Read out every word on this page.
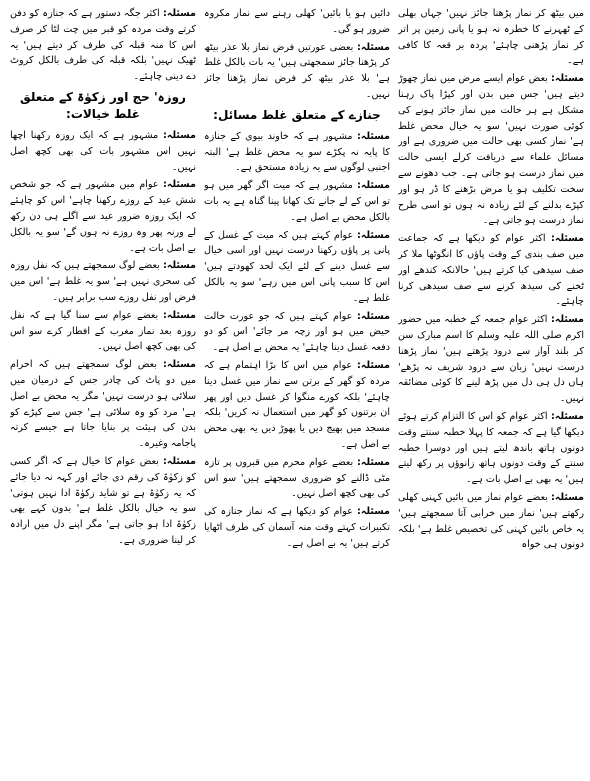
میں بیٹھ کر نماز پڑھنا جائز نہیں' جہاں بھلی کے ٹھہرنے کا خطرہ نہ ہو یا پانی زمین پر اتر کر نماز پڑھنی چاہئے' پردہ بر قعہ کا کافی ہے۔

مسئلہ: بعض عوام ایسے مرض میں نماز چھوڑ دیتے ہیں' جس میں بدن اور کپڑا پاک رہنا مشکل ہے ہر حالت میں نماز جائز ہونے کی کوئی صورت نہیں' سو یہ خیال محض غلط ہے' نماز کسی بھی حالت میں ضروری ہے اور مسائل علماء سے دریافت کرلے ایسی حالت میں نماز درست ہو جاتی ہے۔ جب دھونے سے سخت تکلیف ہو یا مرض بڑھنے کا ڈر ہو اور کپڑے بدلنے کے لئے زیادہ نہ ہوں تو اسی طرح نماز درست ہو جاتی ہے۔

مسئلہ: اکثر عوام کو دیکھا ہے کہ جماعت میں صف بندی کے وقت پاؤں کا انگوٹھا ملا کر صف سیدھی کیا کرتے ہیں' حالانکہ کندھے اور ٹخنے کی سیدھ کرنے سے صف سیدھی کرنا چاہئے۔

مسئلہ: اکثر عوام جمعہ کے خطبہ میں حضور اکرم صلی اللہ علیہ وسلم کا اسم مبارک سن کر بلند آواز سے درود پڑھتے ہیں' نماز پڑھنا درست نہیں' زبان سے درود شریف نہ پڑھے' ہاں دل ہی دل میں پڑھ لینے کا کوئی مضائقہ نہیں۔

مسئلہ: اکثر عوام کو اس کا التزام کرتے ہوئے دیکھا گیا ہے کہ جمعہ کا پہلا خطبہ سنتے وقت دونوں ہاتھ باندھ لیتے ہیں اور دوسرا خطبہ سنتے کے وقت دونوں ہاتھ زانوؤں پر رکھ لیتے ہیں' یہ بھی بے اصل بات ہے۔

مسئلہ: بعضے عوام نماز میں بائیں کہنی کھلی رکھتے ہیں' نماز میں خرابی آتا سمجھتے ہیں' یہ خاص بائیں کہنی کی تخصیص غلط ہے' بلکہ دونوں ہی خواہ

دائیں ہو یا بائیں' کھلی رہنے سے نماز مکروہ ضرور ہو گی۔

مسئلہ: بعضی عورتیں فرض نماز بلا عذر بیٹھ کر پڑھنا جائز سمجھتی ہیں' یہ بات بالکل غلط ہے' بلا عذر بیٹھ کر فرض نماز پڑھنا جائز نہیں۔

جنازے کے متعلق غلط مسائل:

مسئلہ: مشہور ہے کہ خاوند بیوی کے جنازہ کا پایہ نہ پکڑے سو یہ محض غلط ہے' البتہ اجنبی لوگوں سے یہ زیادہ مستحق ہے۔

مسئلہ: مشہور ہے کہ میت اگر گھر میں ہو تو اس کے لے جانے تک کھانا پینا گناہ ہے یہ بات بالکل محض بے اصل ہے۔

مسئلہ: عوام کہتے ہیں کہ میت کے غسل کے پانی پر پاؤں رکھنا درست نہیں اور اسی خیال سے غسل دینے کے لئے ایک لحد کھودتے ہیں' اس کا سبب پانی اس میں رہے' سو یہ بالکل غلط ہے۔

مسئلہ: عوام کہتے ہیں کہ جو عورت حالت حیض میں ہو اور زچہ مر جائے' اس کو دو دفعہ غسل دینا چاہئے' یہ محض بے اصل ہے۔

مسئلہ: عوام میں اس کا بڑا اہتمام ہے کہ مردہ کو گھر کے برتن سے نماز میں غسل دینا چاہئے' بلکہ کورے منگوا کر غسل دیں اور پھر ان برتنوں کو گھر میں استعمال نہ کریں' بلکہ مسجد میں بھیج دیں یا پھوڑ دیں یہ بھی محض بے اصل ہے۔

مسئلہ: بعضے عوام محرم میں قبروں پر تازہ مٹی ڈالنے کو ضروری سمجھتے ہیں' سو اس کی بھی کچھ اصل نہیں۔

مسئلہ: عوام کو دیکھا ہے کہ نماز جنازہ کی تکبیرات کہتے وقت منہ آسمان کی طرف اٹھایا کرتے ہیں' یہ بے اصل ہے۔

مسئلہ: اکثر جگہ دستور ہے کہ جنازہ کو دفن کرتے وقت مردہ کو قبر میں چت لٹا کر صرف اس کا منہ قبلہ کی طرف کر دیتے ہیں' یہ ٹھیک نہیں' بلکہ قبلہ کی طرف بالکل کروٹ دے دینی چاہئے۔

روزہ' حج اور زکوٰۃ کے متعلق غلط خیالات:

مسئلہ: مشہور ہے کہ ایک روزہ رکھنا اچھا نہیں اس مشہور بات کی بھی کچھ اصل نہیں۔

مسئلہ: عوام میں مشہور ہے کہ جو شخص شش عید کے روزے رکھنا چاہے' اس کو چاہئے کہ ایک روزہ ضرور عید سے اگلے ہی دن رکھ لے ورنہ پھر وہ روزے نہ ہوں گے' سو یہ بالکل بے اصل بات ہے۔

مسئلہ: بعضے لوگ سمجھتے ہیں کہ نفل روزہ کی سحری نہیں ہے' سو یہ غلط ہے' اس میں فرض اور نفل روزے سب برابر ہیں۔

مسئلہ: بعضے عوام سے سنا گیا ہے کہ نفل روزہ بعد نماز مغرب کے افطار کرے سو اس کی بھی کچھ اصل نہیں۔

مسئلہ: بعض لوگ سمجھتے ہیں کہ احرام میں دو پاٹ کی چادر جس کے درمیان میں سلائی ہو درست نہیں' مگر یہ محض بے اصل ہے' مرد کو وہ سلائی ہے' جس سے کپڑے کو بدن کی ہیئت پر بنایا جاتا ہے جیسے کرتہ پاجامہ وغیرہ۔

مسئلہ: بعض عوام کا خیال ہے کہ اگر کسی کو زکوٰۃ کی رقم دی جائے اور کہہ نہ دیا جائے کہ یہ زکوٰۃ ہے تو شاید زکوٰۃ ادا نہیں ہوتی' سو یہ خیال بالکل غلط ہے' بدون کہے بھی زکوٰۃ ادا ہو جاتی ہے' مگر اپنے دل میں ارادہ کر لینا ضروری ہے۔
